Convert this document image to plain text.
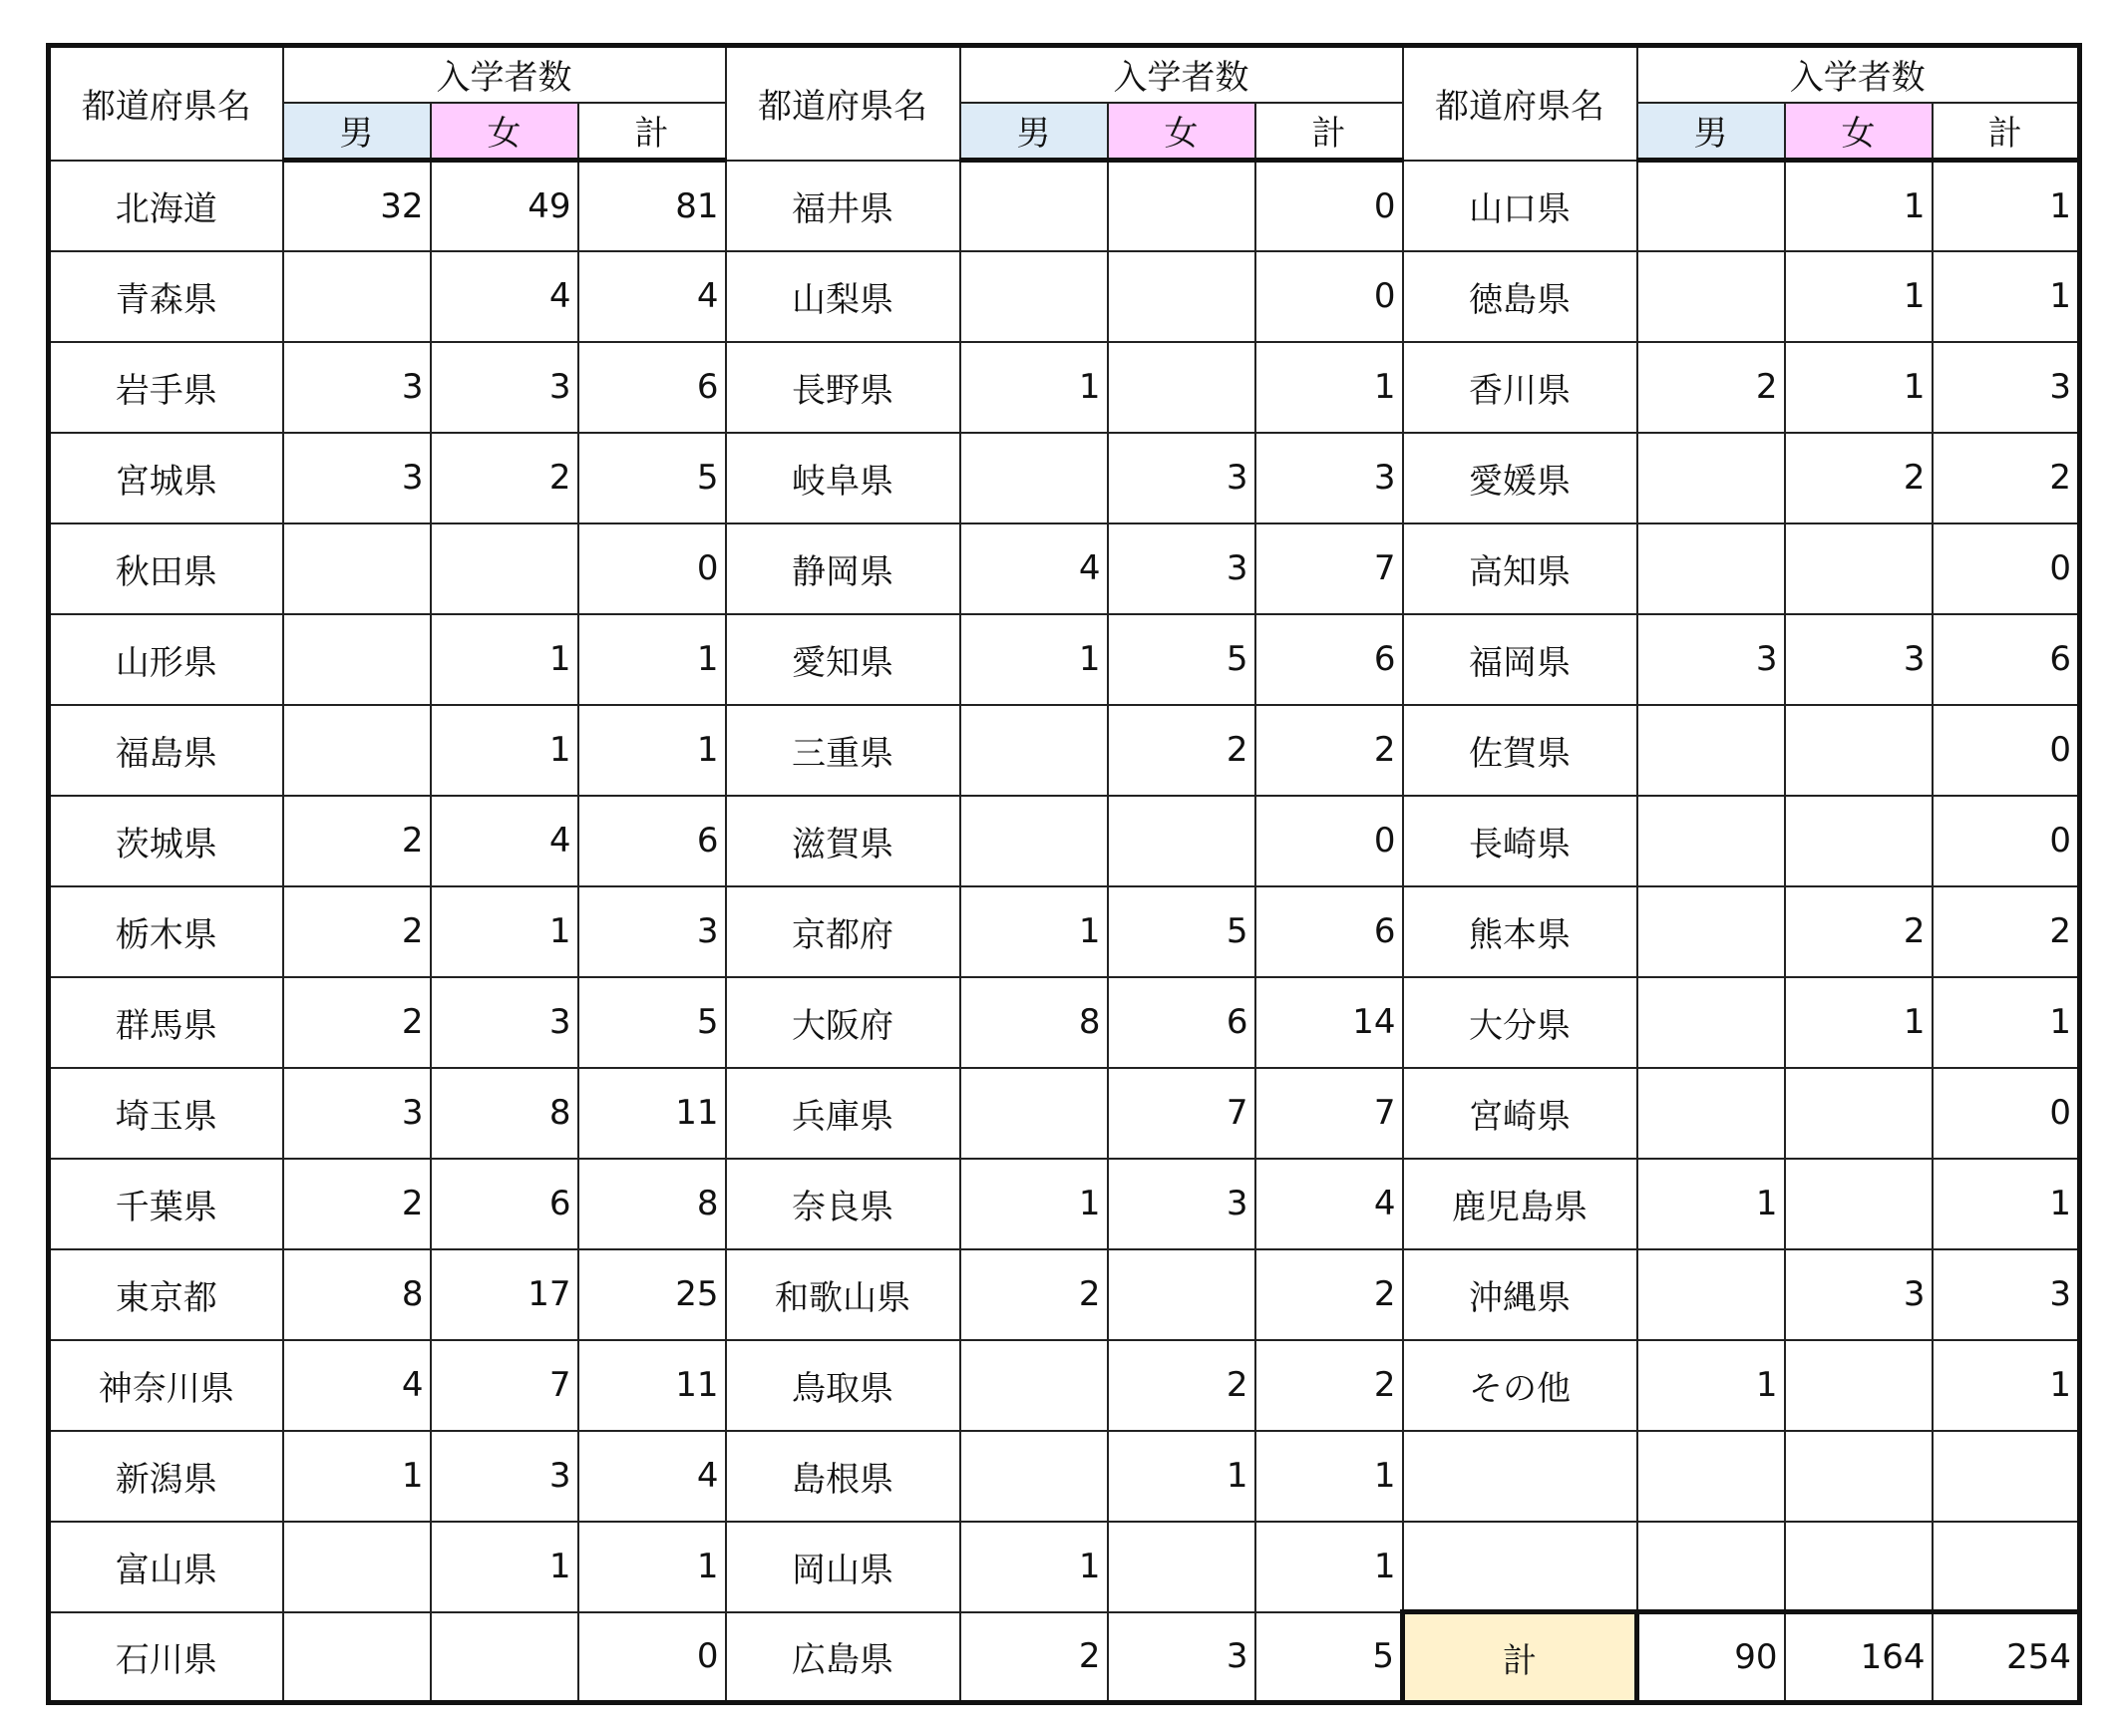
都道府県名	入学者数			都道府県名	入学者数			都道府県名	入学者数		
	男	女	計		男	女	計		男	女	計
北海道	32	49	81	福井県			0	山口県		1	1
青森県		4	4	山梨県			0	徳島県		1	1
岩手県	3	3	6	長野県	1		1	香川県	2	1	3
宮城県	3	2	5	岐阜県		3	3	愛媛県		2	2
秋田県			0	静岡県	4	3	7	高知県			0
山形県		1	1	愛知県	1	5	6	福岡県	3	3	6
福島県		1	1	三重県		2	2	佐賀県			0
茨城県	2	4	6	滋賀県			0	長崎県			0
栃木県	2	1	3	京都府	1	5	6	熊本県		2	2
群馬県	2	3	5	大阪府	8	6	14	大分県		1	1
埼玉県	3	8	11	兵庫県		7	7	宮崎県			0
千葉県	2	6	8	奈良県	1	3	4	鹿児島県	1		1
東京都	8	17	25	和歌山県	2		2	沖縄県		3	3
神奈川県	4	7	11	鳥取県		2	2	その他	1		1
新潟県	1	3	4	島根県		1	1				
富山県		1	1	岡山県	1		1				
石川県			0	広島県	2	3	5	計	90	164	254
